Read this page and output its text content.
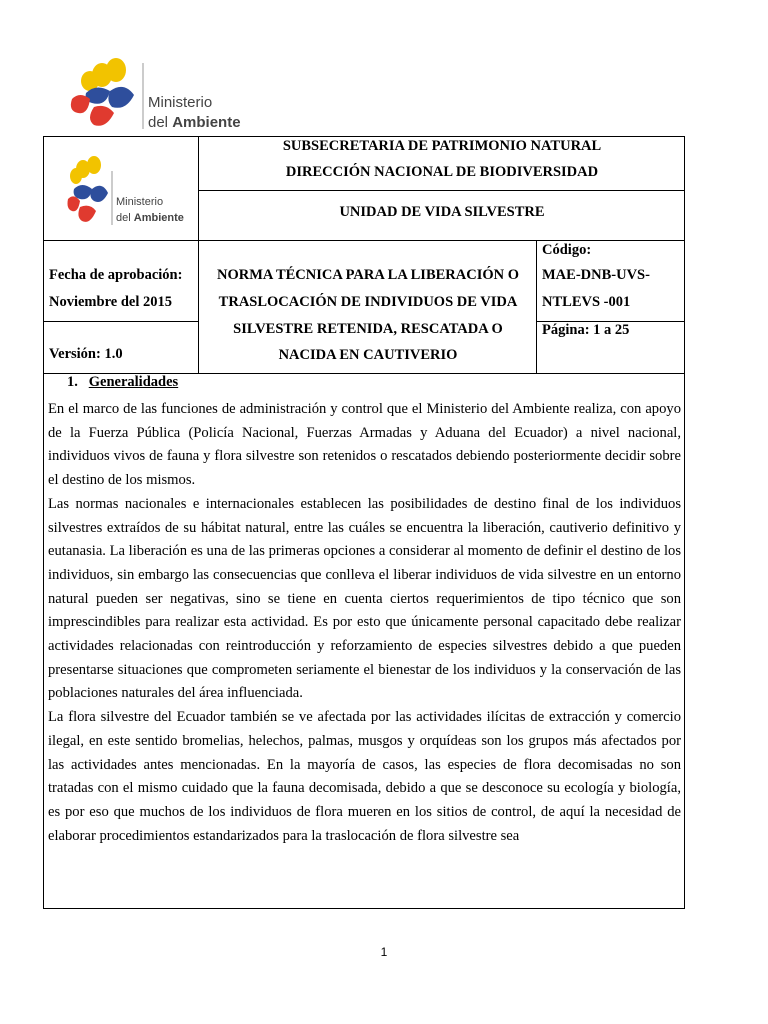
Ministerio
del Ambiente
Ministerio
del Ambiente
SUBSECRETARIA DE PATRIMONIO NATURAL
DIRECCIÓN NACIONAL DE BIODIVERSIDAD
UNIDAD DE VIDA SILVESTRE
Fecha de aprobación:
Noviembre del 2015
Versión: 1.0
NORMA TÉCNICA PARA LA LIBERACIÓN O
TRASLOCACIÓN DE INDIVIDUOS DE VIDA
SILVESTRE RETENIDA, RESCATADA O
NACIDA EN CAUTIVERIO
Código:
MAE-DNB-UVS-
NTLEVS -001
Página: 1 a 25
1. Generalidades

En el marco de las funciones de administración y control que el Ministerio del Ambiente realiza, con apoyo de la Fuerza Pública (Policía Nacional, Fuerzas Armadas y Aduana del Ecuador) a nivel nacional, individuos vivos de fauna y flora silvestre son retenidos o rescatados debiendo posteriormente decidir sobre el destino de los mismos.

Las normas nacionales e internacionales establecen las posibilidades de destino final de los individuos silvestres extraídos de su hábitat natural, entre las cuáles se encuentra la liberación, cautiverio definitivo y eutanasia. La liberación es una de las primeras opciones a considerar al momento de definir el destino de los individuos, sin embargo las consecuencias que conlleva el liberar individuos de vida silvestre en un entorno natural pueden ser negativas, sino se tiene en cuenta ciertos requerimientos de tipo técnico que son imprescindibles para realizar esta actividad. Es por esto que únicamente personal capacitado debe realizar actividades relacionadas con reintroducción y reforzamiento de especies silvestres debido a que pueden presentarse situaciones que comprometen seriamente el bienestar de los individuos y la conservación de las poblaciones naturales del área influenciada.

La flora silvestre del Ecuador también se ve afectada por las actividades ilícitas de extracción y comercio ilegal, en este sentido bromelias, helechos, palmas, musgos y orquídeas son los grupos más afectados por las actividades antes mencionadas. En la mayoría de casos, las especies de flora decomisadas no son tratadas con el mismo cuidado que la fauna decomisada, debido a que se desconoce su ecología y biología, es por eso que muchos de los individuos de flora mueren en los sitios de control, de aquí la necesidad de elaborar procedimientos estandarizados para la traslocación de flora silvestre sea

1
